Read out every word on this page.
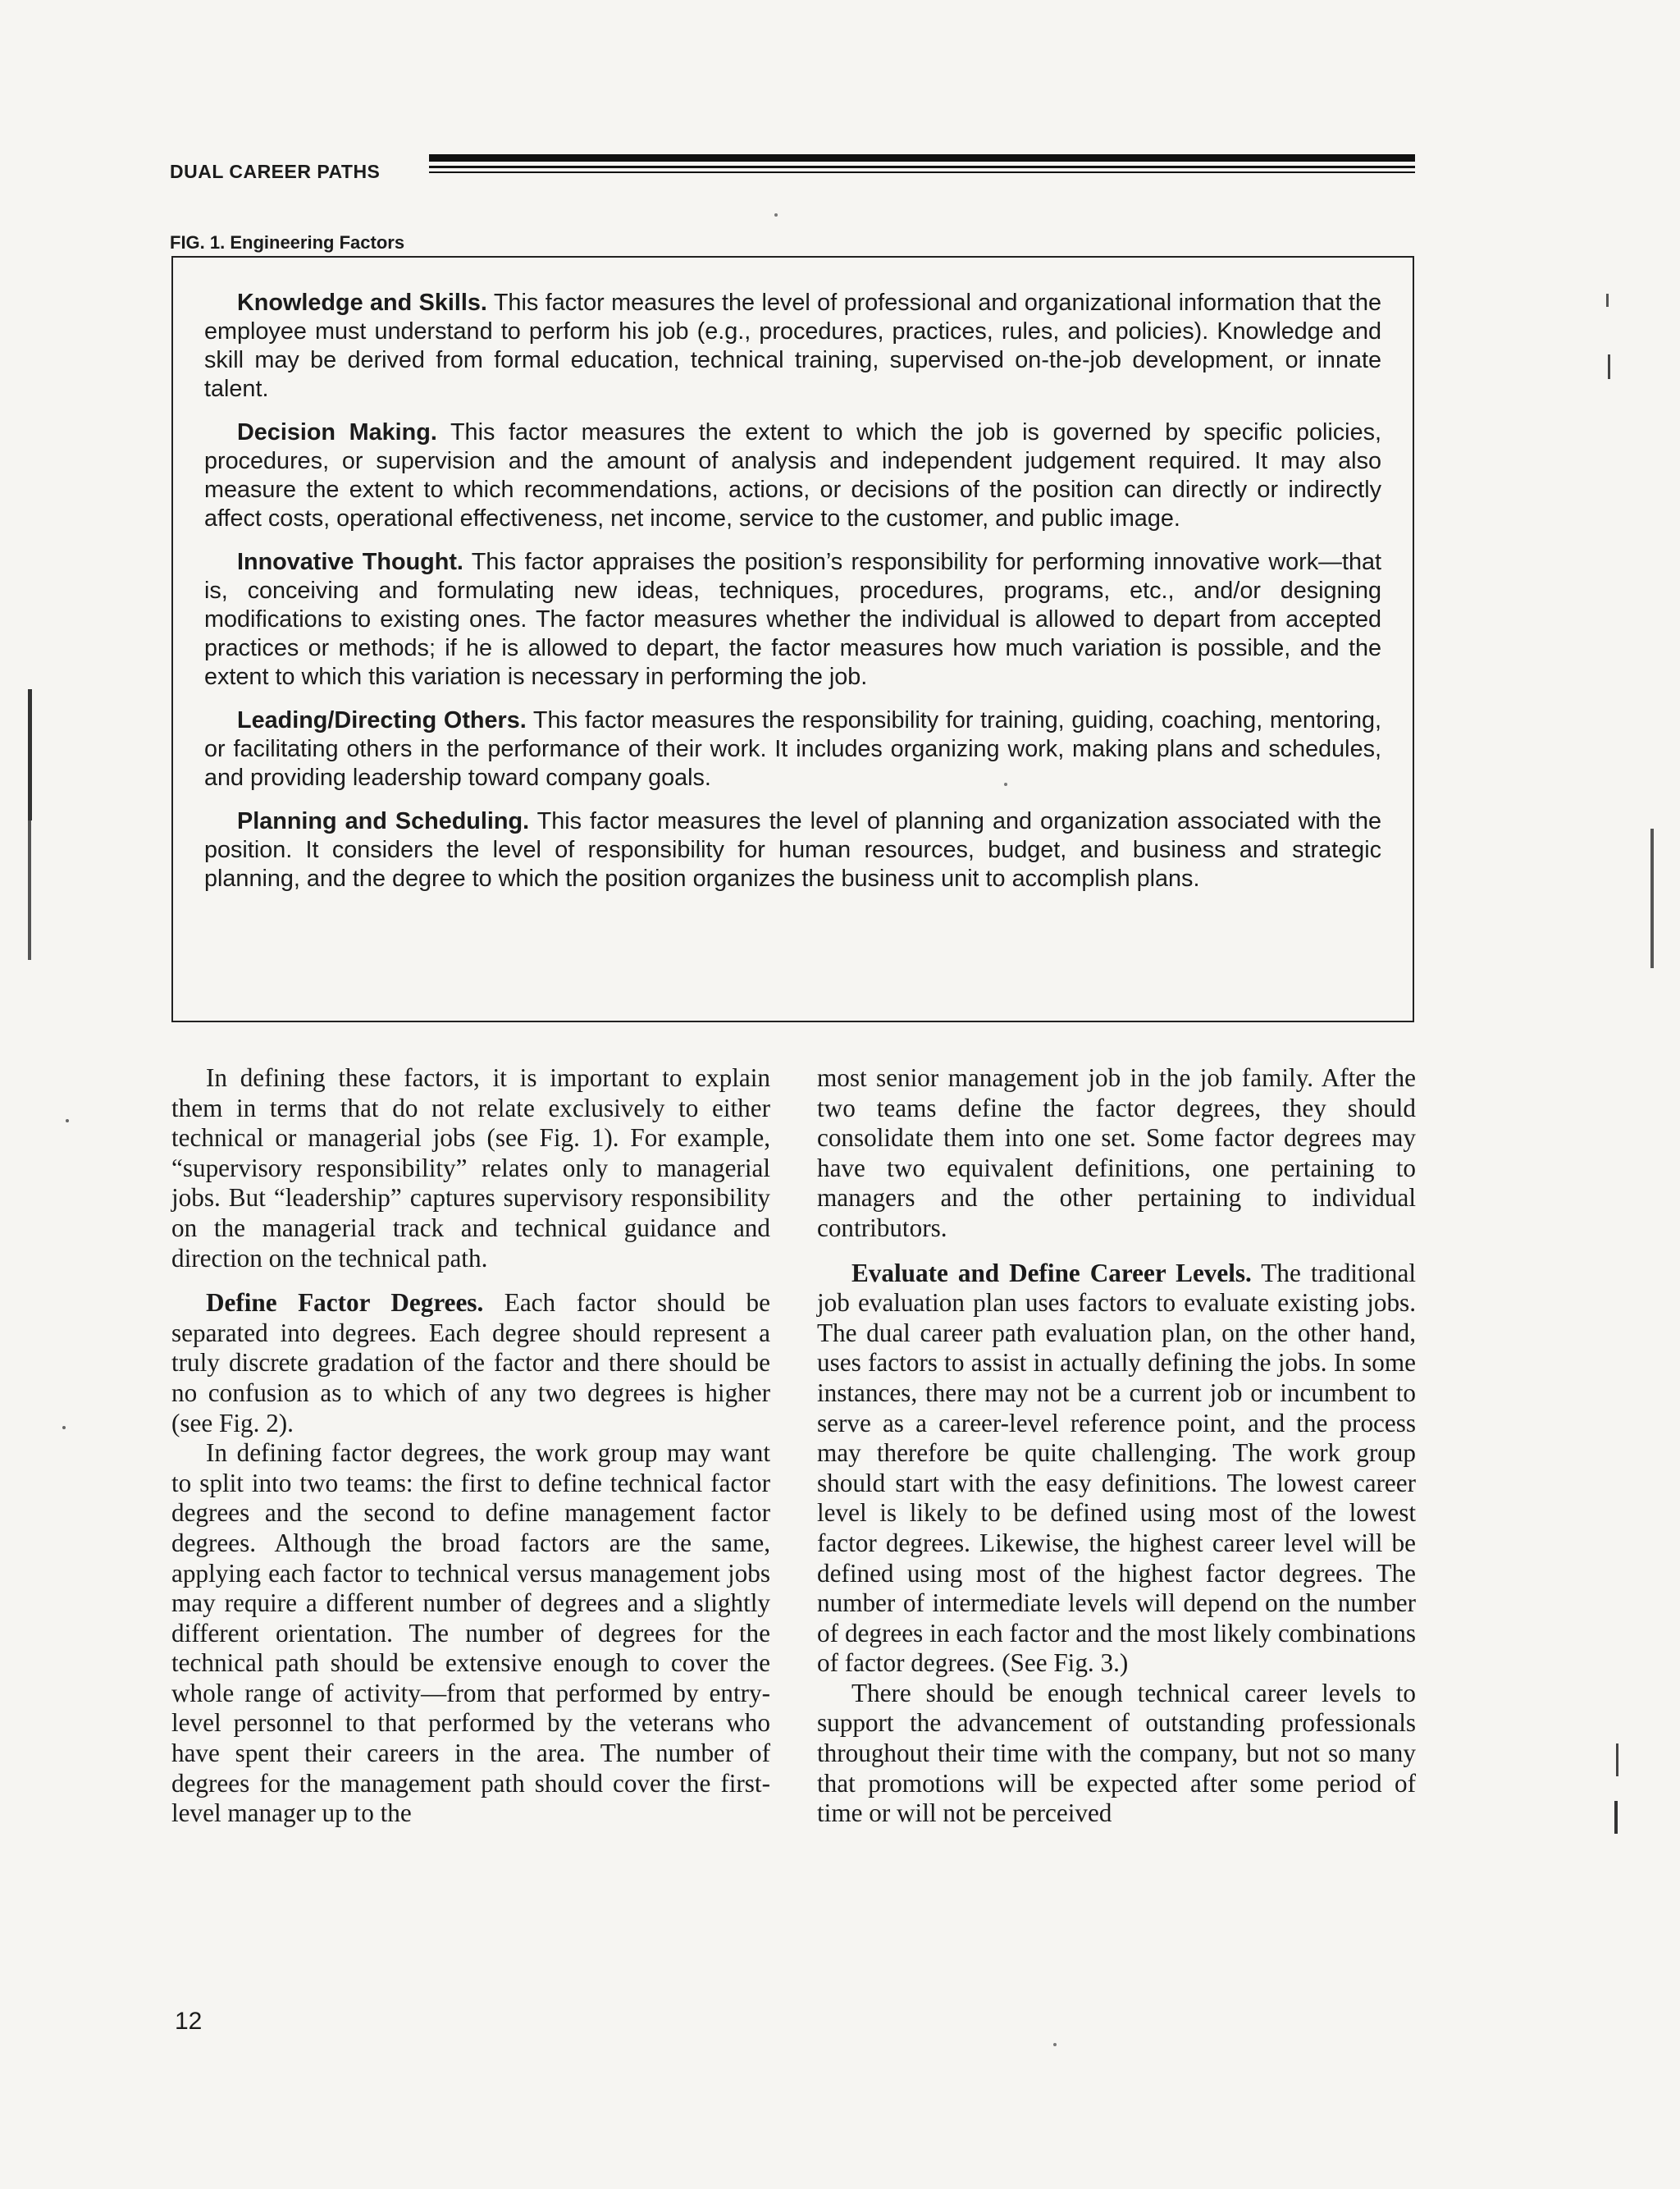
DUAL CAREER PATHS
FIG. 1. Engineering Factors

Knowledge and Skills. This factor measures the level of professional and organizational information that the employee must understand to perform his job (e.g., procedures, practices, rules, and policies). Knowledge and skill may be derived from formal education, technical training, supervised on-the-job development, or innate talent.

Decision Making. This factor measures the extent to which the job is governed by specific policies, procedures, or supervision and the amount of analysis and independent judgement required. It may also measure the extent to which recommendations, actions, or decisions of the position can directly or indirectly affect costs, operational effectiveness, net income, service to the customer, and public image.

Innovative Thought. This factor appraises the position’s responsibility for performing innovative work—that is, conceiving and formulating new ideas, techniques, procedures, programs, etc., and/or designing modifications to existing ones. The factor measures whether the individual is allowed to depart from accepted practices or methods; if he is allowed to depart, the factor measures how much variation is possible, and the extent to which this variation is necessary in performing the job.

Leading/Directing Others. This factor measures the responsibility for training, guiding, coaching, mentoring, or facilitating others in the performance of their work. It includes organizing work, making plans and schedules, and providing leadership toward company goals.

Planning and Scheduling. This factor measures the level of planning and organization associated with the position. It considers the level of responsibility for human resources, budget, and business and strategic planning, and the degree to which the position organizes the business unit to accomplish plans.

In defining these factors, it is important to explain them in terms that do not relate exclusively to either technical or managerial jobs (see Fig. 1). For example, “supervisory responsibility” relates only to managerial jobs. But “leadership” captures supervisory responsibility on the managerial track and technical guidance and direction on the technical path.

Define Factor Degrees. Each factor should be separated into degrees. Each degree should represent a truly discrete gradation of the factor and there should be no confusion as to which of any two degrees is higher (see Fig. 2).

In defining factor degrees, the work group may want to split into two teams: the first to define technical factor degrees and the second to define management factor degrees. Although the broad factors are the same, applying each factor to technical versus management jobs may require a different number of degrees and a slightly different orientation. The number of degrees for the technical path should be extensive enough to cover the whole range of activity—from that performed by entry-level personnel to that performed by the veterans who have spent their careers in the area. The number of degrees for the management path should cover the first-level manager up to the

most senior management job in the job family. After the two teams define the factor degrees, they should consolidate them into one set. Some factor degrees may have two equivalent definitions, one pertaining to managers and the other pertaining to individual contributors.

Evaluate and Define Career Levels. The traditional job evaluation plan uses factors to evaluate existing jobs. The dual career path evaluation plan, on the other hand, uses factors to assist in actually defining the jobs. In some instances, there may not be a current job or incumbent to serve as a career-level reference point, and the process may therefore be quite challenging. The work group should start with the easy definitions. The lowest career level is likely to be defined using most of the lowest factor degrees. Likewise, the highest career level will be defined using most of the highest factor degrees. The number of intermediate levels will depend on the number of degrees in each factor and the most likely combinations of factor degrees. (See Fig. 3.)

There should be enough technical career levels to support the advancement of outstanding professionals throughout their time with the company, but not so many that promotions will be expected after some period of time or will not be perceived

12
